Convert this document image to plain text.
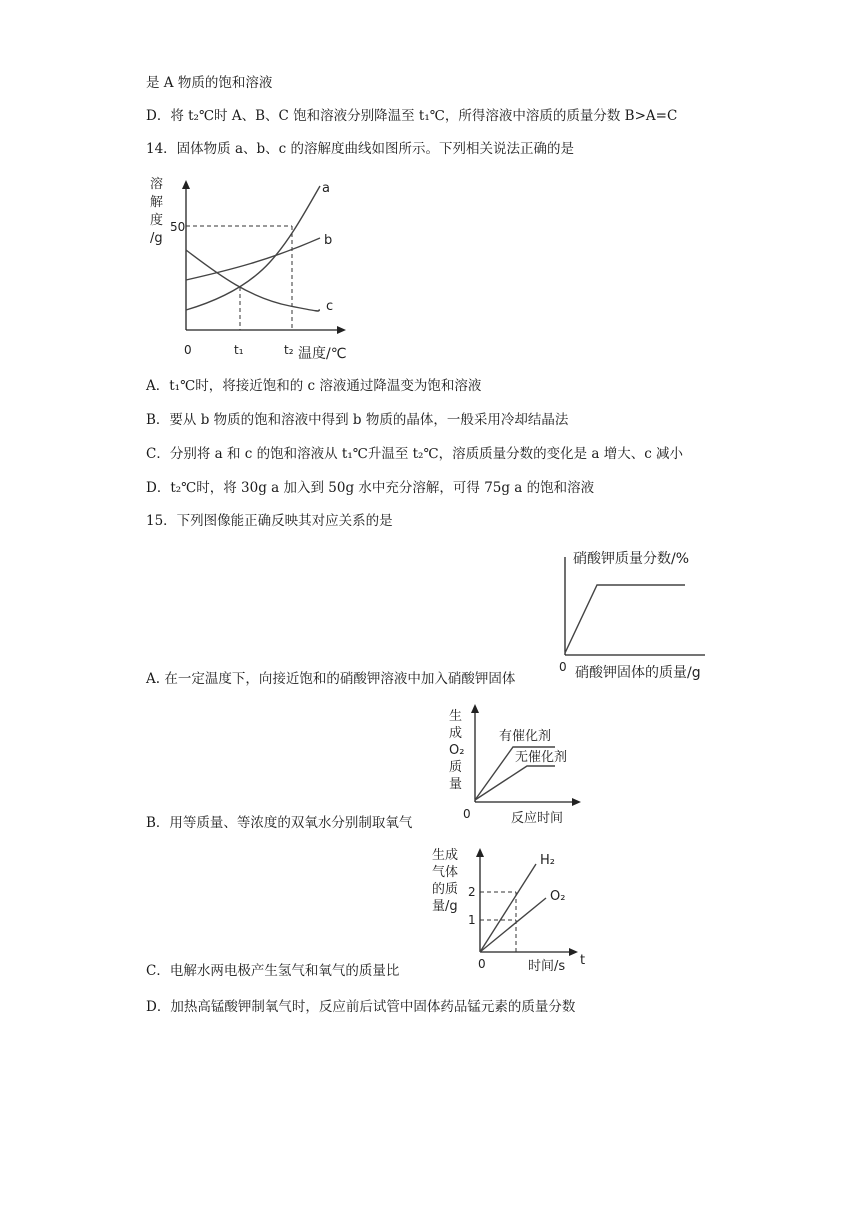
是 A 物质的饱和溶液
D．将 t₂℃时 A、B、C 饱和溶液分别降温至 t₁℃，所得溶液中溶质的质量分数 B>A=C
14．固体物质 a、b、c 的溶解度曲线如图所示。下列相关说法正确的是
溶
解
度
/g
50
0	t₁	t₂ 温度/℃
a
b
c
A．t₁℃时，将接近饱和的 c 溶液通过降温变为饱和溶液
B．要从 b 物质的饱和溶液中得到 b 物质的晶体，一般采用冷却结晶法
C．分别将 a 和 c 的饱和溶液从 t₁℃升温至 t₂℃，溶质质量分数的变化是 a 增大、c 减小
D．t₂℃时，将 30g a 加入到 50g 水中充分溶解，可得 75g a 的饱和溶液
15．下列图像能正确反映其对应关系的是
硝酸钾质量分数/%
0 硝酸钾固体的质量/g
A. 在一定温度下，向接近饱和的硝酸钾溶液中加入硝酸钾固体
生
成
O₂
质
量
有催化剂
无催化剂
0	反应时间
B．用等质量、等浓度的双氧水分别制取氧气
生成
气体
的质
量/g
H₂
O₂
2
1
0	时间/s t
C．电解水两电极产生氢气和氧气的质量比
D．加热高锰酸钾制氧气时，反应前后试管中固体药品锰元素的质量分数
